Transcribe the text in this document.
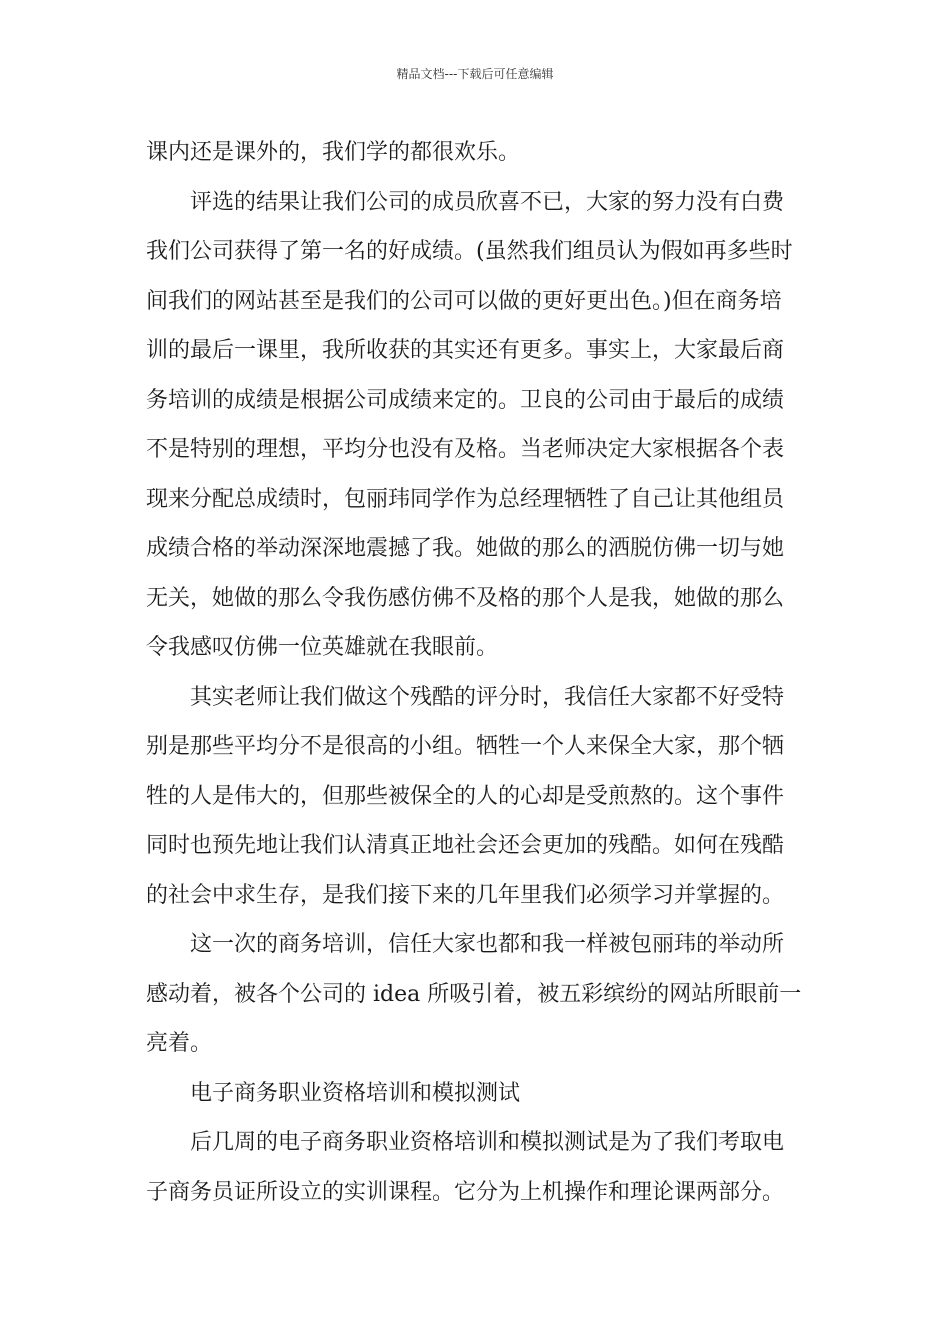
精品文档---下载后可任意编辑
课内还是课外的，我们学的都很欢乐。
评选的结果让我们公司的成员欣喜不已，大家的努力没有白费
我们公司获得了第一名的好成绩。(虽然我们组员认为假如再多些时
间我们的网站甚至是我们的公司可以做的更好更出色。)但在商务培
训的最后一课里，我所收获的其实还有更多。事实上，大家最后商
务培训的成绩是根据公司成绩来定的。卫良的公司由于最后的成绩
不是特别的理想，平均分也没有及格。当老师决定大家根据各个表
现来分配总成绩时，包丽玮同学作为总经理牺牲了自己让其他组员
成绩合格的举动深深地震撼了我。她做的那么的洒脱仿佛一切与她
无关，她做的那么令我伤感仿佛不及格的那个人是我，她做的那么
令我感叹仿佛一位英雄就在我眼前。
其实老师让我们做这个残酷的评分时，我信任大家都不好受特
别是那些平均分不是很高的小组。牺牲一个人来保全大家，那个牺
牲的人是伟大的，但那些被保全的人的心却是受煎熬的。这个事件
同时也预先地让我们认清真正地社会还会更加的残酷。如何在残酷
的社会中求生存，是我们接下来的几年里我们必须学习并掌握的。
这一次的商务培训，信任大家也都和我一样被包丽玮的举动所
感动着，被各个公司的 idea 所吸引着，被五彩缤纷的网站所眼前一
亮着。
电子商务职业资格培训和模拟测试
后几周的电子商务职业资格培训和模拟测试是为了我们考取电
子商务员证所设立的实训课程。它分为上机操作和理论课两部分。
